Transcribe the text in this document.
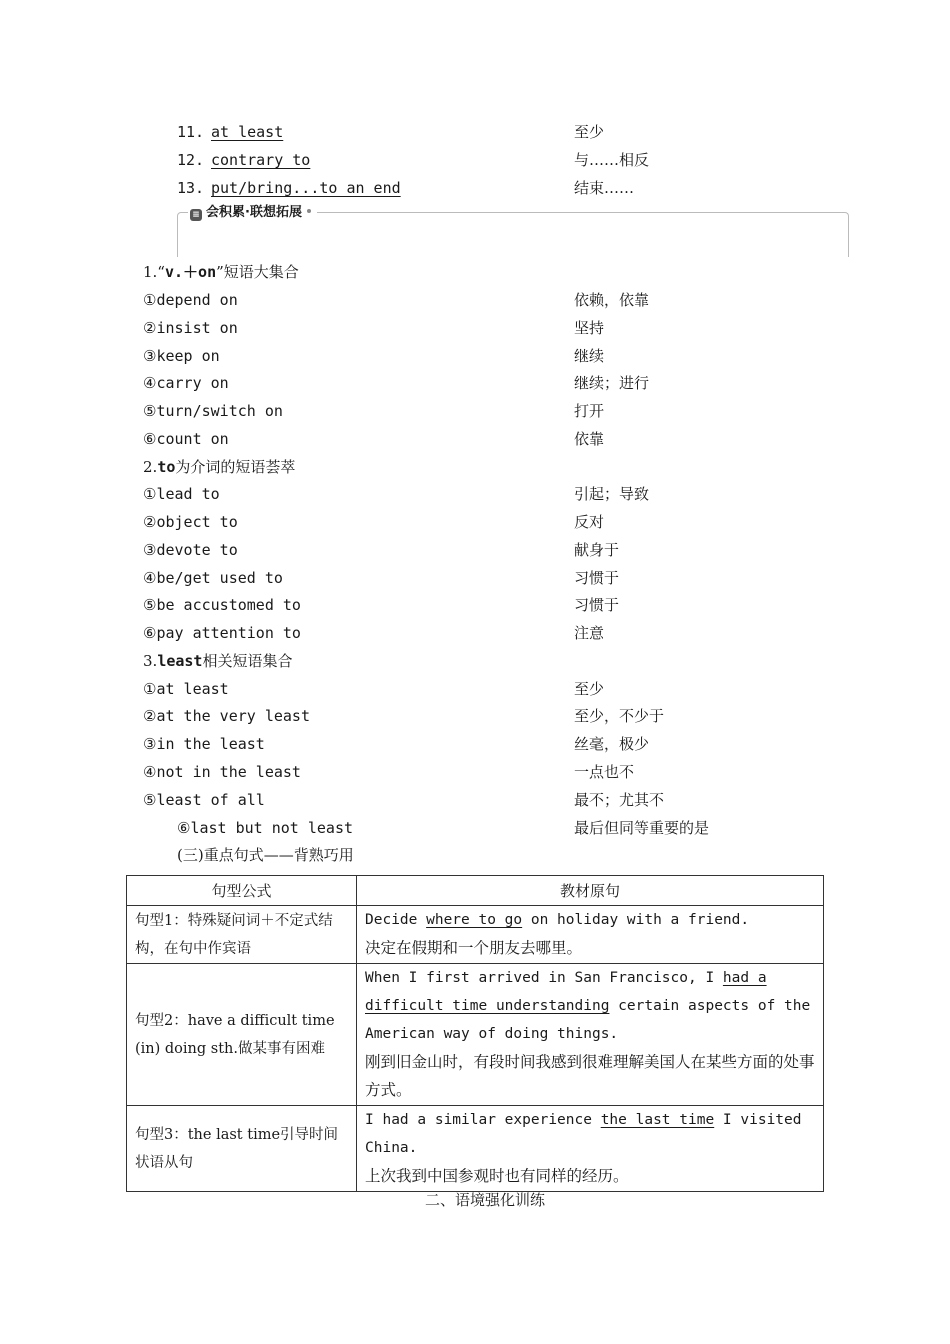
11. at least	至少
12. contrary to	与……相反
13. put/bring...to an end	结束……
≡ 会积累·联想拓展
1.“v.＋on”短语大集合
①depend on	依赖，依靠
②insist on	坚持
③keep on	继续
④carry on	继续；进行
⑤turn/switch on	打开
⑥count on	依靠
2.to为介词的短语荟萃
①lead to	引起；导致
②object to	反对
③devote to	献身于
④be/get used to	习惯于
⑤be accustomed to	习惯于
⑥pay attention to	注意
3.least相关短语集合
①at least	至少
②at the very least	至少，不少于
③in the least	丝毫，极少
④not in the least	一点也不
⑤least of all	最不；尤其不
⑥last but not least	最后但同等重要的是
(三)重点句式——背熟巧用
句型公式	教材原句
句型1：特殊疑问词＋不定式结构，在句中作宾语	Decide where to go on holiday with a friend.
决定在假期和一个朋友去哪里。

句型2：have a difficult time (in) doing sth.做某事有困难	When I first arrived in San Francisco, I had a difficult time understanding certain aspects of the American way of doing things.
刚到旧金山时，有段时间我感到很难理解美国人在某些方面的处事方式。

句型3：the last time引导时间状语从句	I had a similar experience the last time I visited China.
上次我到中国参观时也有同样的经历。
二、语境强化训练
